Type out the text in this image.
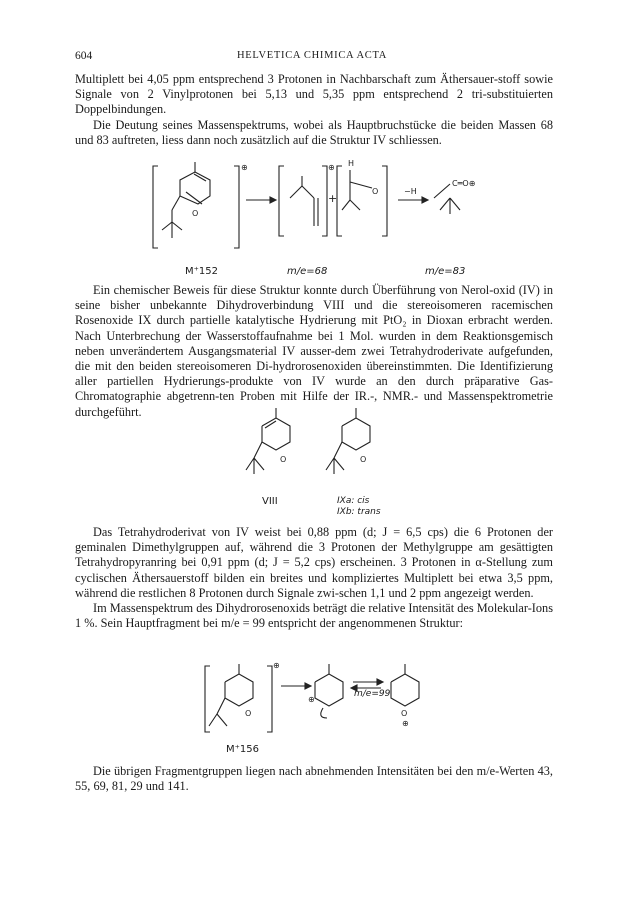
604	HELVETICA CHIMICA ACTA

Multiplett bei 4,05 ppm entsprechend 3 Protonen in Nachbarschaft zum Äthersauer-stoff sowie Signale von 2 Vinylprotonen bei 5,13 und 5,35 ppm entsprechend 2 tri-substituierten Doppelbindungen.

Die Deutung seines Massenspektrums, wobei als Hauptbruchstücke die beiden Massen 68 und 83 auftreten, liess dann noch zusätzlich auf die Struktur IV schliessen.

⊕
O
⊕
+
H
O	−H
C═O⊕
M⁺152	m/e=68	m/e=83

Ein chemischer Beweis für diese Struktur konnte durch Überführung von Nerol-oxid (IV) in seine bisher unbekannte Dihydroverbindung VIII und die stereoisomeren racemischen Rosenoxide IX durch partielle katalytische Hydrierung mit PtO₂ in Dioxan erbracht werden. Nach Unterbrechung der Wasserstoffaufnahme bei 1 Mol. wurden in dem Reaktionsgemisch neben unverändertem Ausgangsmaterial IV ausser-dem zwei Tetrahydroderivate aufgefunden, die mit den beiden stereoisomeren Di-hydrorosenoxiden übereinstimmten. Die Identifizierung aller partiellen Hydrierungs-produkte von IV wurde an den durch präparative Gas-Chromatographie abgetrenn-ten Proben mit Hilfe der IR.-, NMR.- und Massenspektrometrie durchgeführt.

O	O
VIII	IXa: cis
IXb: trans

Das Tetrahydroderivat von IV weist bei 0,88 ppm (d; J = 6,5 cps) die 6 Protonen der geminalen Dimethylgruppen auf, während die 3 Protonen der Methylgruppe am gesättigten Tetrahydropyranring bei 0,91 ppm (d; J = 5,2 cps) erscheinen. 3 Protonen in α-Stellung zum cyclischen Äthersauerstoff bilden ein breites und kompliziertes Multiplett bei etwa 3,5 ppm, während die restlichen 8 Protonen durch Signale zwi-schen 1,1 und 2 ppm angezeigt werden.

Im Massenspektrum des Dihydrorosenoxids beträgt die relative Intensität des Molekular-Ions 1 %. Sein Hauptfragment bei m/e = 99 entspricht der angenommenen Struktur:

⊕
O
⊕
O
⊕
m/e=99
M⁺156

Die übrigen Fragmentgruppen liegen nach abnehmenden Intensitäten bei den m/e-Werten 43, 55, 69, 81, 29 und 141.
